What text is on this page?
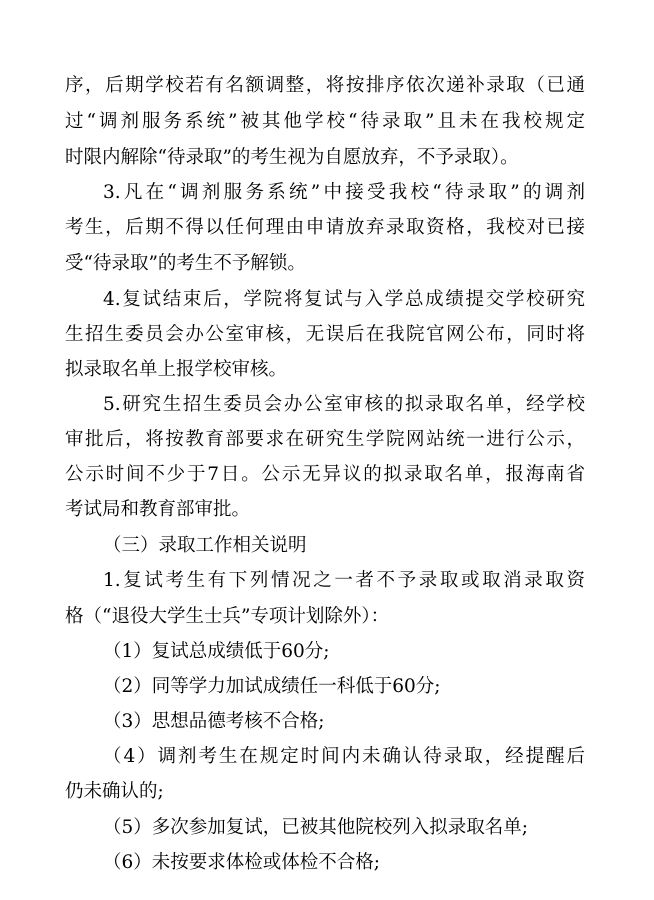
序，后期学校若有名额调整，将按排序依次递补录取（已通
过“调剂服务系统”被其他学校“待录取”且未在我校规定
时限内解除“待录取”的考生视为自愿放弃，不予录取）。
3.凡在“调剂服务系统”中接受我校“待录取”的调剂
考生，后期不得以任何理由申请放弃录取资格，我校对已接
受“待录取”的考生不予解锁。
4.复试结束后，学院将复试与入学总成绩提交学校研究
生招生委员会办公室审核，无误后在我院官网公布，同时将
拟录取名单上报学校审核。
5.研究生招生委员会办公室审核的拟录取名单，经学校
审批后，将按教育部要求在研究生学院网站统一进行公示，
公示时间不少于7日。公示无异议的拟录取名单，报海南省
考试局和教育部审批。
（三）录取工作相关说明
1.复试考生有下列情况之一者不予录取或取消录取资
格（“退役大学生士兵”专项计划除外）：
（1）复试总成绩低于60分;
（2）同等学力加试成绩任一科低于60分;
（3）思想品德考核不合格;
（4）调剂考生在规定时间内未确认待录取，经提醒后
仍未确认的;
（5）多次参加复试，已被其他院校列入拟录取名单;
（6）未按要求体检或体检不合格;
